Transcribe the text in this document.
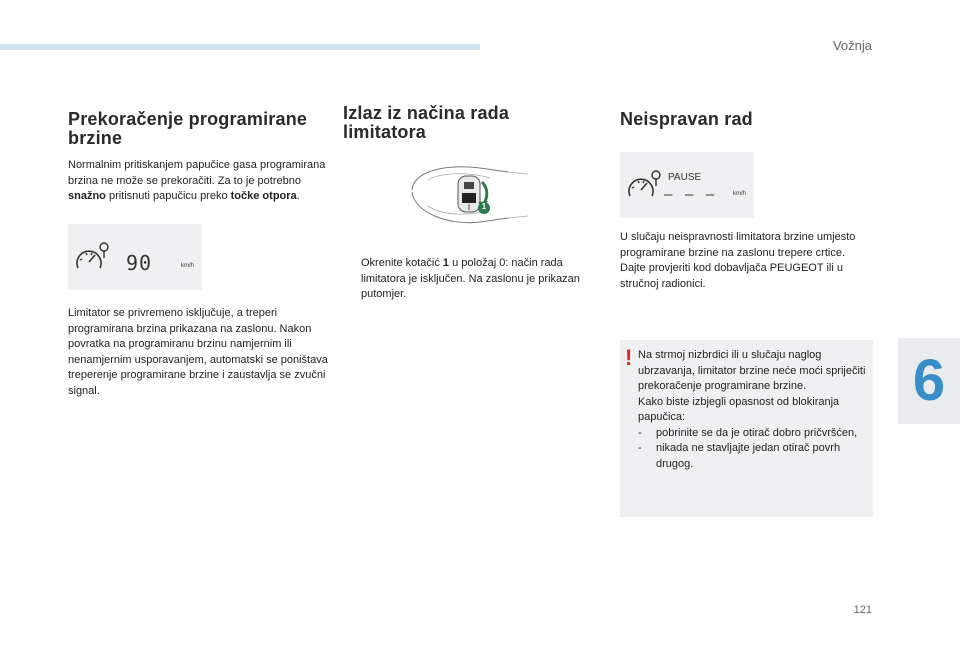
Vožnja
6
121
Prekoračenje programirane
brzine

Normalnim pritiskanjem papučice gasa programirana brzina ne može se prekoračiti. Za to je potrebno snažno pritisnuti papučicu preko točke otpora.

90	km/h

Limitator se privremeno isključuje, a treperi programirana brzina prikazana na zaslonu. Nakon povratka na programiranu brzinu namjernim ili nenamjernim usporavanjem, automatski se poništava treperenje programirane brzine i zaustavlja se zvučni signal.

Izlaz iz načina rada
limitatora
1

Okrenite kotačić 1 u položaj 0: način rada limitatora je isključen. Na zaslonu je prikazan putomjer.

Neispravan rad
PAUSE
– – –	km/h

U slučaju neispravnosti limitatora brzine umjesto programirane brzine na zaslonu trepere crtice.

Dajte provjeriti kod dobavljača PEUGEOT ili u stručnoj radionici.

! Na strmoj nizbrdici ili u slučaju naglog ubrzavanja, limitator brzine neće moći spriječiti prekoračenje programirane brzine.
Kako biste izbjegli opasnost od blokiranja papučica:
-	pobrinite se da je otirač dobro pričvršćen,
-	nikada ne stavljajte jedan otirač povrh drugog.
